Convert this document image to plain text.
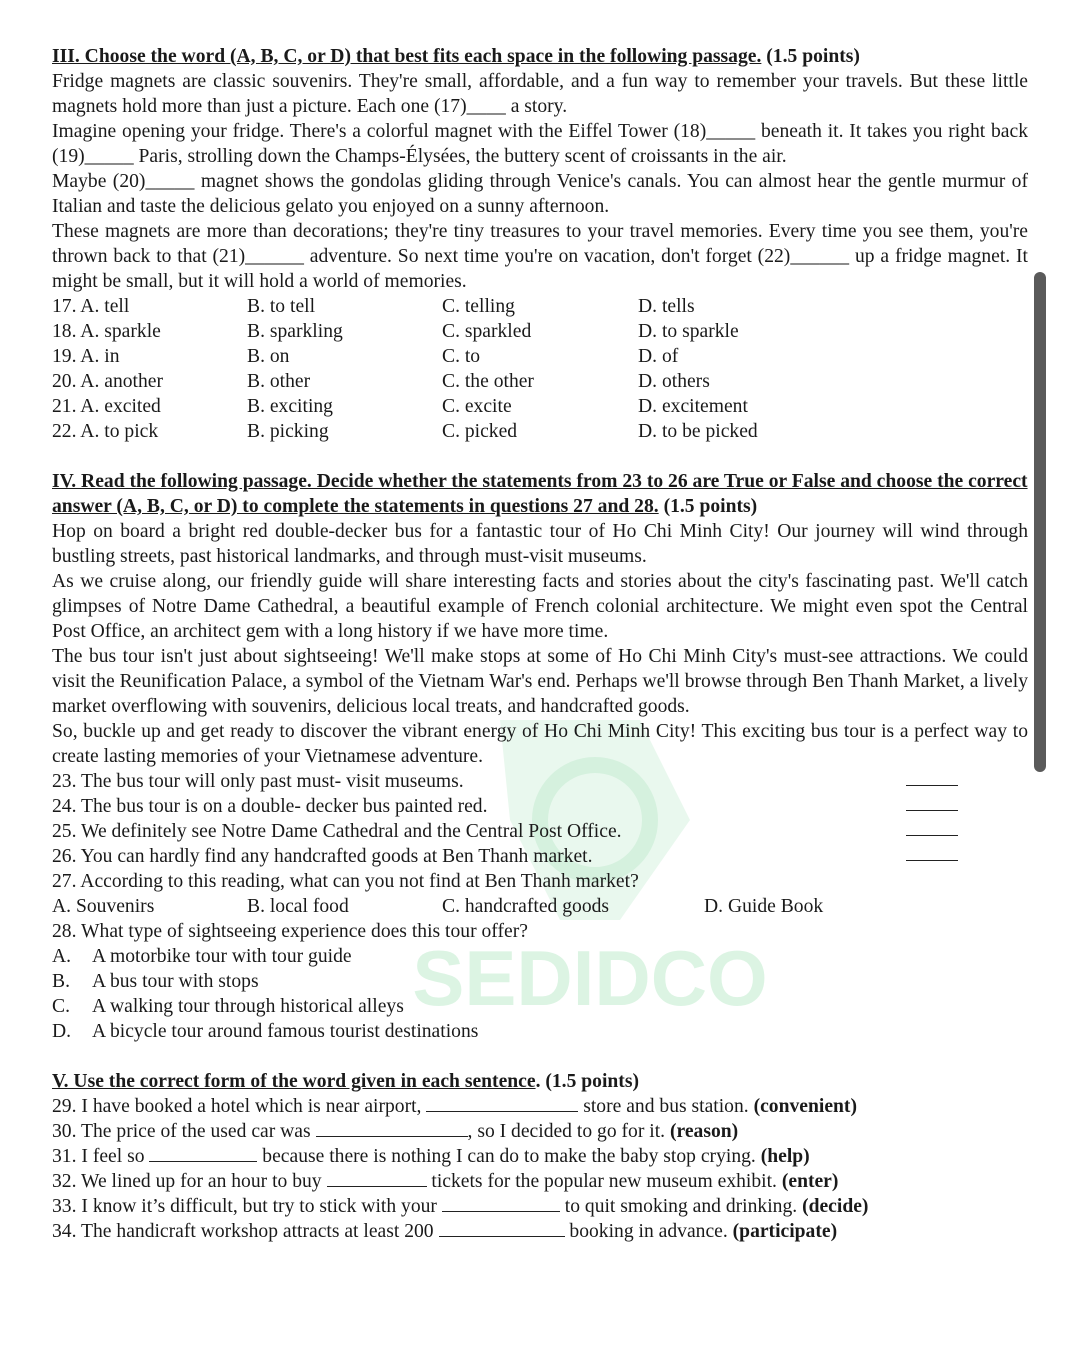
SEDIDCO
III. Choose the word (A, B, C, or D) that best fits each space in the following passage. (1.5 points)

Fridge magnets are classic souvenirs. They're small, affordable, and a fun way to remember your travels. But these little magnets hold more than just a picture. Each one (17)____ a story.

Imagine opening your fridge. There's a colorful magnet with the Eiffel Tower (18)_____ beneath it. It takes you right back (19)_____ Paris, strolling down the Champs-Élysées, the buttery scent of croissants in the air.

Maybe (20)_____ magnet shows the gondolas gliding through Venice's canals. You can almost hear the gentle murmur of Italian and taste the delicious gelato you enjoyed on a sunny afternoon.

These magnets are more than decorations; they're tiny treasures to your travel memories. Every time you see them, you're thrown back to that (21)______ adventure. So next time you're on vacation, don't forget (22)______ up a fridge magnet. It might be small, but it will hold a world of memories.

17. A. tell	B. to tell	C. telling	D. tells
18. A. sparkle	B. sparkling	C. sparkled	D. to sparkle
19. A. in	B. on	C. to	D. of
20. A. another	B. other	C. the other	D. others
21. A. excited	B. exciting	C. excite	D. excitement
22. A. to pick	B. picking	C. picked	D. to be picked
IV. Read the following passage. Decide whether the statements from 23 to 26 are True or False and choose the correct answer (A, B, C, or D) to complete the statements in questions 27 and 28. (1.5 points)

Hop on board a bright red double-decker bus for a fantastic tour of Ho Chi Minh City! Our journey will wind through bustling streets, past historical landmarks, and through must-visit museums.

As we cruise along, our friendly guide will share interesting facts and stories about the city's fascinating past. We'll catch glimpses of Notre Dame Cathedral, a beautiful example of French colonial architecture. We might even spot the Central Post Office, an architect gem with a long history if we have more time.

The bus tour isn't just about sightseeing! We'll make stops at some of Ho Chi Minh City's must-see attractions. We could visit the Reunification Palace, a symbol of the Vietnam War's end. Perhaps we'll browse through Ben Thanh Market, a lively market overflowing with souvenirs, delicious local treats, and handcrafted goods.

So, buckle up and get ready to discover the vibrant energy of Ho Chi Minh City! This exciting bus tour is a perfect way to create lasting memories of your Vietnamese adventure.

23. The bus tour will only past must- visit museums.
24. The bus tour is on a double- decker bus painted red.
25. We definitely see Notre Dame Cathedral and the Central Post Office.
26. You can hardly find any handcrafted goods at Ben Thanh market.
27. According to this reading, what can you not find at Ben Thanh market?
A. Souvenirs	B. local food	C. handcrafted goods	D. Guide Book
28. What type of sightseeing experience does this tour offer?
A.	A motorbike tour with tour guide
B.	A bus tour with stops
C.	A walking tour through historical alleys
D.	A bicycle tour around famous tourist destinations
V. Use the correct form of the word given in each sentence. (1.5 points)
29. I have booked a hotel which is near airport,	store and bus station. (convenient)
30. The price of the used car was	, so I decided to go for it. (reason)
31. I feel so	because there is nothing I can do to make the baby stop crying. (help)
32. We lined up for an hour to buy	tickets for the popular new museum exhibit. (enter)
33. I know it’s difficult, but try to stick with your	to quit smoking and drinking. (decide)
34. The handicraft workshop attracts at least 200	booking in advance. (participate)
